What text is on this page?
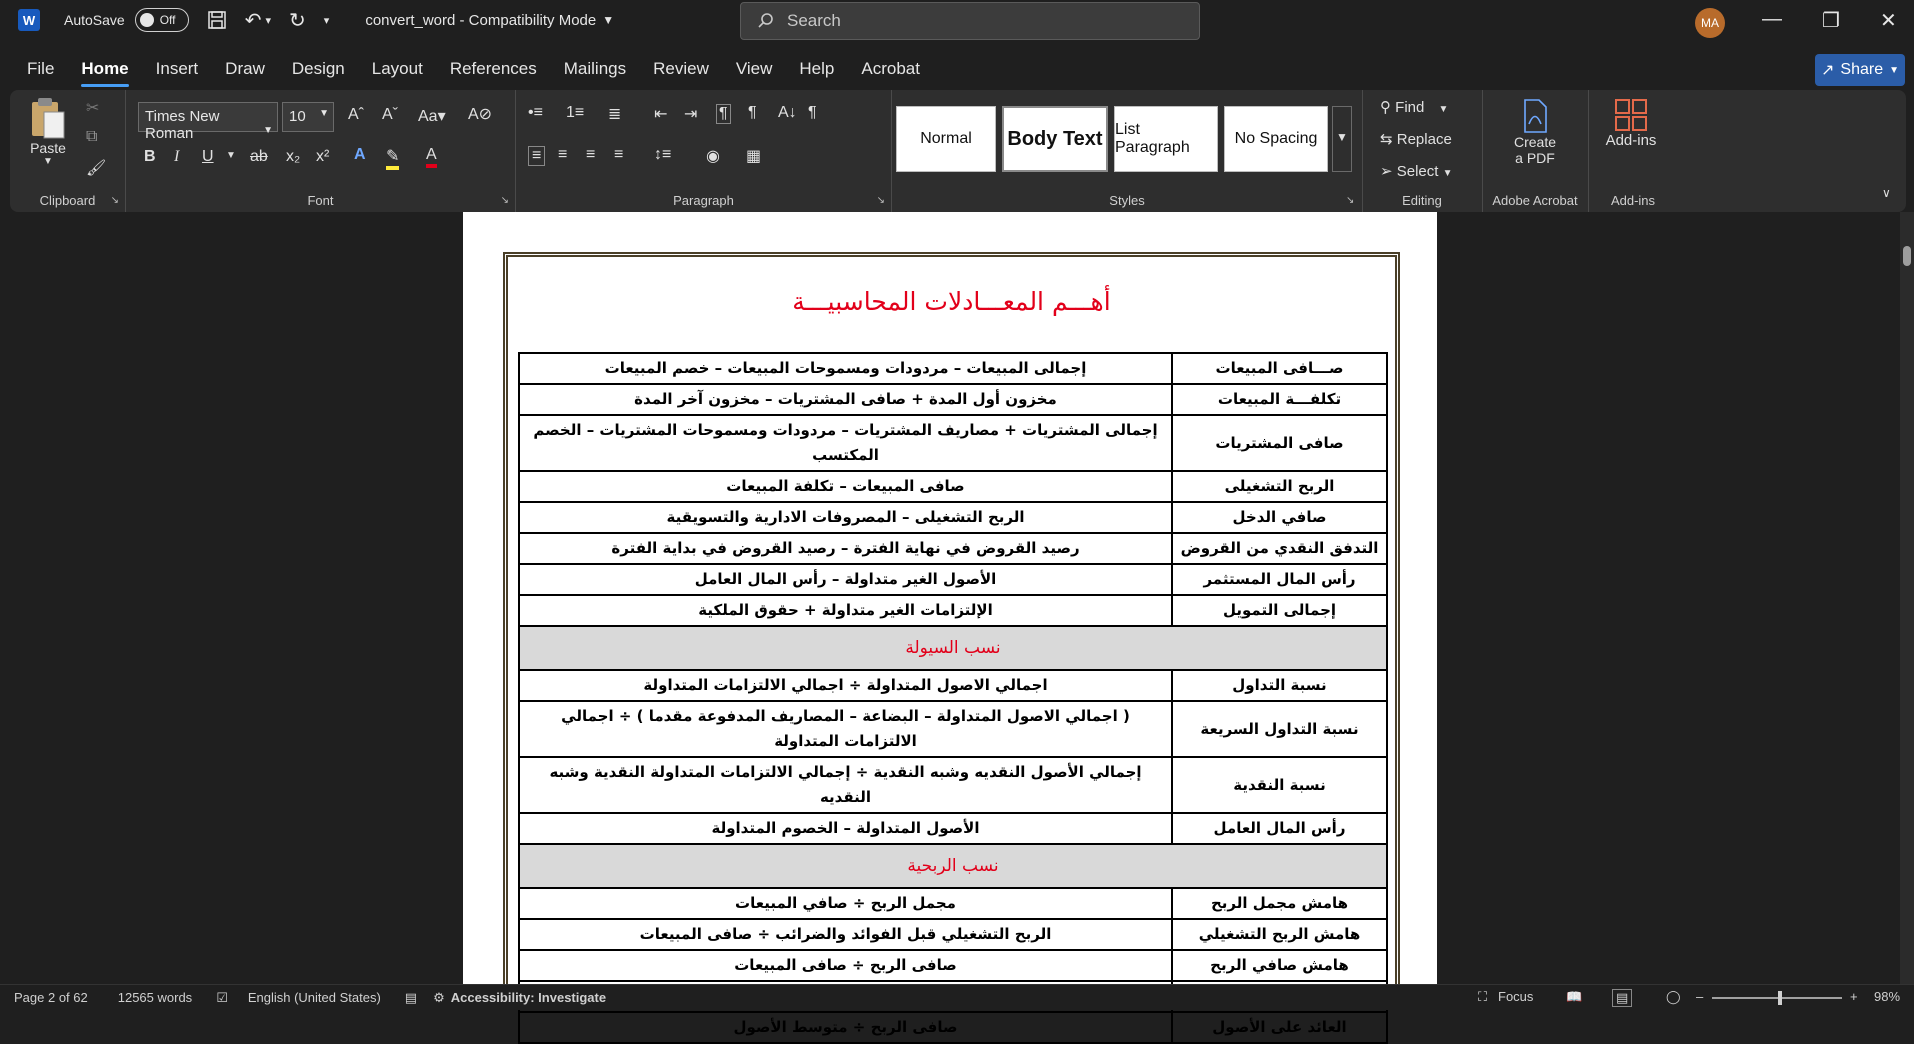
W	AutoSave	Off	↶ ▾ ↻ ▾ convert_word - Compatibility Mode ▼	Search	MA	— ❐ ✕
File Home Insert Draw Design Layout References Mailings Review View Help Acrobat	↗ Share ▼
Paste
▼
✂
⧉
🖌
Clipboard	↘
Times New Roman	▼
10 ▼ Aˆ Aˇ Aa▾ A⊘
B I U ▼ ab x₂ x² A ✎ A
Font	↘
•≡ 1≡ ≣ ⇤ ⇥ ¶ ¶ A↓ ¶
≡ ≡ ≡ ≡ ↕≡ ◉ ▦
Paragraph	↘
Normal	Body Text List Paragraph
No Spacing	▼
Styles	↘
⚲ Find ▼
⇆ Replace
➢ Select ▼
Editing
Create
a PDF
Adobe Acrobat
Add-ins
Add-ins	∨
أهـــم المعـــادلات المحاسبيـــة
صـــافى المبيعات	إجمالى المبيعات – مردودات ومسموحات المبيعات – خصم المبيعات
تكلفـــة المبيعات	مخزون أول المدة + صافى المشتريات – مخزون آخر المدة
صافى المشتريات	إجمالى المشتريات + مصاريف المشتريات – مردودات ومسموحات المشتريات – الخصم المكتسب
الربح التشغيلى	صافى المبيعات – تكلفة المبيعات
صافي الدخل	الربح التشغيلى – المصروفات الادارية والتسويقية
التدفق النقدي من القروض	رصيد القروض في نهاية الفترة – رصيد القروض في بداية الفترة
رأس المال المستثمر	الأصول الغير متداولة – رأس المال العامل
إجمالى التمويل	الإلتزامات الغير متداولة + حقوق الملكية
نسب السيولة	
نسبة التداول	اجمالي الاصول المتداولة ÷ اجمالي الالتزامات المتداولة
نسبة التداول السريعة	( اجمالي الاصول المتداولة – البضاعة – المصاريف المدفوعة مقدما ) ÷ اجمالي الالتزامات المتداولة
نسبة النقدية	إجمالي الأصول النقديه وشبه النقدية ÷ إجمالي الالتزامات المتداولة النقدية وشبه النقديه
رأس المال العامل	الأصول المتداولة – الخصوم المتداولة
نسب الربحية	
هامش مجمل الربح	مجمل الربح ÷ صافي المبيعات
هامش الربح التشغيلي	الربح التشغيلي قبل الفوائد والضرائب ÷ صافى المبيعات
هامش صافي الربح	صافى الربح ÷ صافى المبيعات

العائد على الأصول	صافى الربح ÷ متوسط الأصول
Page 2 of 62 12565 words ☑ English (United States) ▤ ⚙ Accessibility: Investigate	⛶ Focus	📖	▤	◯ –	+ 98%
